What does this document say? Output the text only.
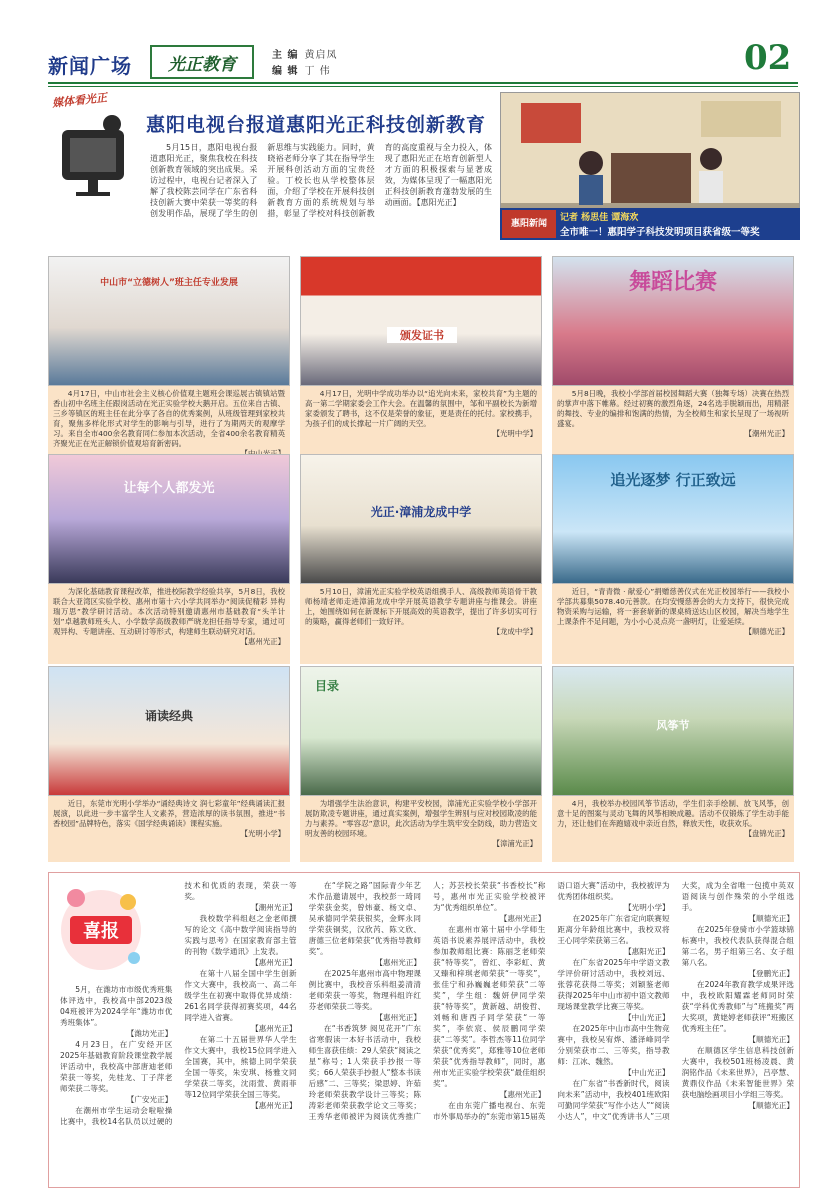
新闻广场 光正教育	主 编 黄启凤
编 辑 丁 伟	02
媒体看光正
惠阳电视台报道惠阳光正科技创新教育
5月15日，惠阳电视台报道惠阳光正，聚焦我校在科技创新教育领域的突出成果。采访过程中，电视台记者深入了解了我校陈芸同学在广东省科技创新大赛中荣获一等奖的科创发明作品，展现了学生的创新思维与实践能力。同时，黄晓裕老师分享了其在指导学生开展科创活动方面的宝贵经验。丁校长也从学校整体层面，介绍了学校在开展科技创新教育方面的系统规划与举措，彰显了学校对科技创新教育的高度重视与全力投入，体现了惠阳光正在培育创新型人才方面的积极探索与显著成效，为媒体呈现了一幅惠阳光正科技创新教育蓬勃发展的生动画面。【惠阳光正】
惠阳新闻
记者 杨思佳 谭海欢
全市唯一！惠阳学子科技发明项目获省级一等奖
中山市“立德树人”班主任专业发展
4月17日，中山市社会主义核心价值观主题班会课巡展古镇镇站暨香山初中名班主任跟岗活动在光正实验学校大鹅开启。五位来自古镇、三乡等镇区的班主任在此分享了各自的优秀案例，从班级管理到家校共育，聚焦多样化形式对学生的影响与引导，进行了为期两天的观摩学习。来自全市400余名教育同仁参加本次活动，全省400余名教育精英齐聚光正在光正解锁价值观培育新密码。
颁发证书
4月17日，光明中学成功举办以“追光向未来，家校共育”为主题的高一第二学期家委会工作大会。在温馨的氛围中，邹和平副校长为新增家委颁发了聘书，这不仅是荣誉的象征，更是责任的托付。家校携手，为孩子们的成长撑起一片广阔的天空。
【光明中学】
舞蹈比赛
5月8日晚，我校小学部首届校园舞蹈大赛（独舞专场）决赛在热烈的掌声中落下帷幕。经过初赛的激烈角逐，24名选手脱颖而出，用精湛的舞技、专业的编排和饱满的热情，为全校师生和家长呈现了一场视听盛宴。
【潮州光正】
让每个人都发光
为深化基础教育课程改革，推进校际教学经验共享，5月8日，我校联合大亚湾区实验学校、惠州市第十六小学共同举办“阅读促精彩 异构瑞万思”教学研讨活动。本次活动特别邀请惠州市基础教育“头羊计划”卓越教师班头人、小学数学高级教师严晓龙担任指导专家，通过可观异构、专题讲座、互动研讨等形式，构建师生联动研究对话。
【惠州光正】
光正·漳浦龙成中学
5月10日，漳浦光正实验学校英语组携手人、高级教师英语骨干教师杨靖老师走进漳浦龙成中学开展英语教学专题讲座与推课会。讲座上，她围绕如何在新课标下开展高效的英语教学，提出了许多切实可行的策略，赢得老师们一致好评。
【龙成中学】
追光逐梦 行正致远
近日，“青青微 · 献爱心”捐赠慈善仪式在光正校园举行——我校小学部共募集5078.40元善款。在均安慢慈善会的大力支持下，很快完成物资采购与运输，将一套套崭新的课桌椅送达山区校园，解决当地学生上课条件不足问题，为小小心灵点亮一盏明灯，让爱延续。
【顺德光正】
诵读经典
近日，东莞市光明小学举办“诵经典诗文 润七彩童年”经典诵读汇报展演，以此进一步丰富学生人文素养，营造浓厚的读书氛围，推进“书香校园”品牌特色，落实《国学经典诵读》课程实施。
【光明小学】
目录
为增强学生法治意识，构建平安校园，漳浦光正实验学校小学部开展防欺凌专题讲座，通过真实案例，增强学生辨别与应对校园欺凌的能力与素养。“零容忍”意识，此次活动为学生筑牢安全防线，助力营造文明友善的校园环境。
【漳浦光正】
风筝节
4月，我校举办校园风筝节活动，学生们亲手绘制、放飞风筝，创意十足的图案与灵动飞舞的风筝相映成趣。活动不仅锻炼了学生动手能力，还让他们在奔跑嬉戏中亲近自然，释放天性，收获欢乐。
【盘锦光正】
5月，在潍坊市市级优秀班集体评选中，我校高中部2023级04班被评为2024学年“潍坊市优秀班集体”。
【潍坊光正】
4月23日，在广安经开区2025年基础教育阶段课堂教学展评活动中，我校高中部唐迪老师荣获一等奖，先桂龙、丁子萍老师荣获二等奖。
【广安光正】
在潮州市学生运动会啦啦操比赛中，我校14名队员以过硬的技术和优质的表现，荣获一等奖。
【潮州光正】
我校数学科组赵之金老师撰写的论文《高中数学阅读指导的实践与思考》在国家教育部主管的刊物《数学通讯》上发表。
【惠州光正】
在第十八届全国中学生创新作文大赛中，我校高一、高二年级学生在初赛中取得优异成绩：261名同学获得初赛奖项，44名同学进入省赛。
【惠州光正】
在第二十五届世界华人学生作文大赛中，我校15位同学进入全国赛，其中，熊德上同学荣获全国一等奖，朱安琪、杨雅文同学荣获二等奖，沈雨萱、黄雨菲等12位同学荣获全国三等奖。
【惠州光正】
在“学院之路”国际青少年艺术作品邀请展中，我校彭一琦同学荣获金奖，曾炜豪、杨文卓、吴承德同学荣获银奖，金辉永同学荣获铜奖，汉欣芮、陈文欣、唐德三位老师荣获“优秀指导教师奖”。
【惠州光正】
在2025年惠州市高中物理课例比赛中，我校音乐科组姜清清老师荣获一等奖，物理科组许红芬老师荣获二等奖。
【惠州光正】
在“书香筑梦 阅见花开”广东省寒假读一本好书活动中，我校师生喜获佳绩：29人荣获“阅读之星”称号；1人荣获手抄报一等奖；66人荣获手抄报人“整本书读后感”二、三等奖；梁思婷、许茹玲老师荣获教学设计三等奖；陈涛彩老师荣获教学论文三等奖；王秀华老师被评为阅读优秀推广人；苏芸校长荣获“书香校长”称号，惠州市光正实验学校被评为“优秀组织单位”。
【惠州光正】
在惠州市第十届中小学师生英语书说素养展评活动中，我校参加教师组比赛：陈丽芝老师荣获“特等奖”，曾红、李彩虹、黄又臻和梓琪老师荣获“一等奖”，张佳宁和孙巍巍老师荣获“二等奖”，学生组：魏妍伊同学荣获“特等奖”，黄新越、胡俊哲、刘畅和唐西子同学荣获“一等奖”，李依宸、侯辰鹏同学荣获“二等奖”。李哲杰等11位同学荣获“优秀奖”，郑雅等10位老师荣获“优秀指导教师”，同时，惠州市光正实验学校荣获“最佳组织奖”。
【惠州光正】
在由东莞广播电视台、东莞市外事局举办的“东莞市第15届英语口语大赛”活动中，我校被评为优秀团体组织奖。
【光明小学】
在2025年广东省定向联赛短距离分年龄组比赛中，我校双将王心同学荣获第三名。
【惠阳光正】
在广东省2025年中学语文教学评价研讨活动中，我校刘远、张蓉花获得二等奖；刘颖鉴老师获得2025年中山市初中语文教师现场课堂教学比赛三等奖。
【中山光正】
在2025年中山市高中生物竞赛中，我校吴宥烨、潘泽峰同学分别荣获市二、三等奖，指导教师：江冰、魏然。
【中山光正】
在广东省“书香新时代，阅读向未来”活动中，我校401班欧阳可勤同学荣获“写作小达人”“阅读小达人”，中文“优秀讲书人”三项大奖，成为全省唯一包揽中英双语阅读与创作殊荣的小学组选手。
【顺德光正】
在2025年登骑市小学篮球锦标赛中，我校代表队获得混合组第二名，男子组第三名、女子组第八名。
【登鹏光正】
在2024年教育教学成果评选中，我校欧阳耀霖老师同时荣获“学科优秀教师”与“班搬奖”两大奖项，黄姥婷老师获评“班搬区优秀班主任”。
【顺德光正】
在顺德区学生信息科技创新大赛中，我校501班杨凌晨、黄润铭作品《未来世界》，吕亭慧、黄鼎仪作品《未来智能世界》荣获电脑绘画项目小学组三等奖。
【顺德光正】
喜报
